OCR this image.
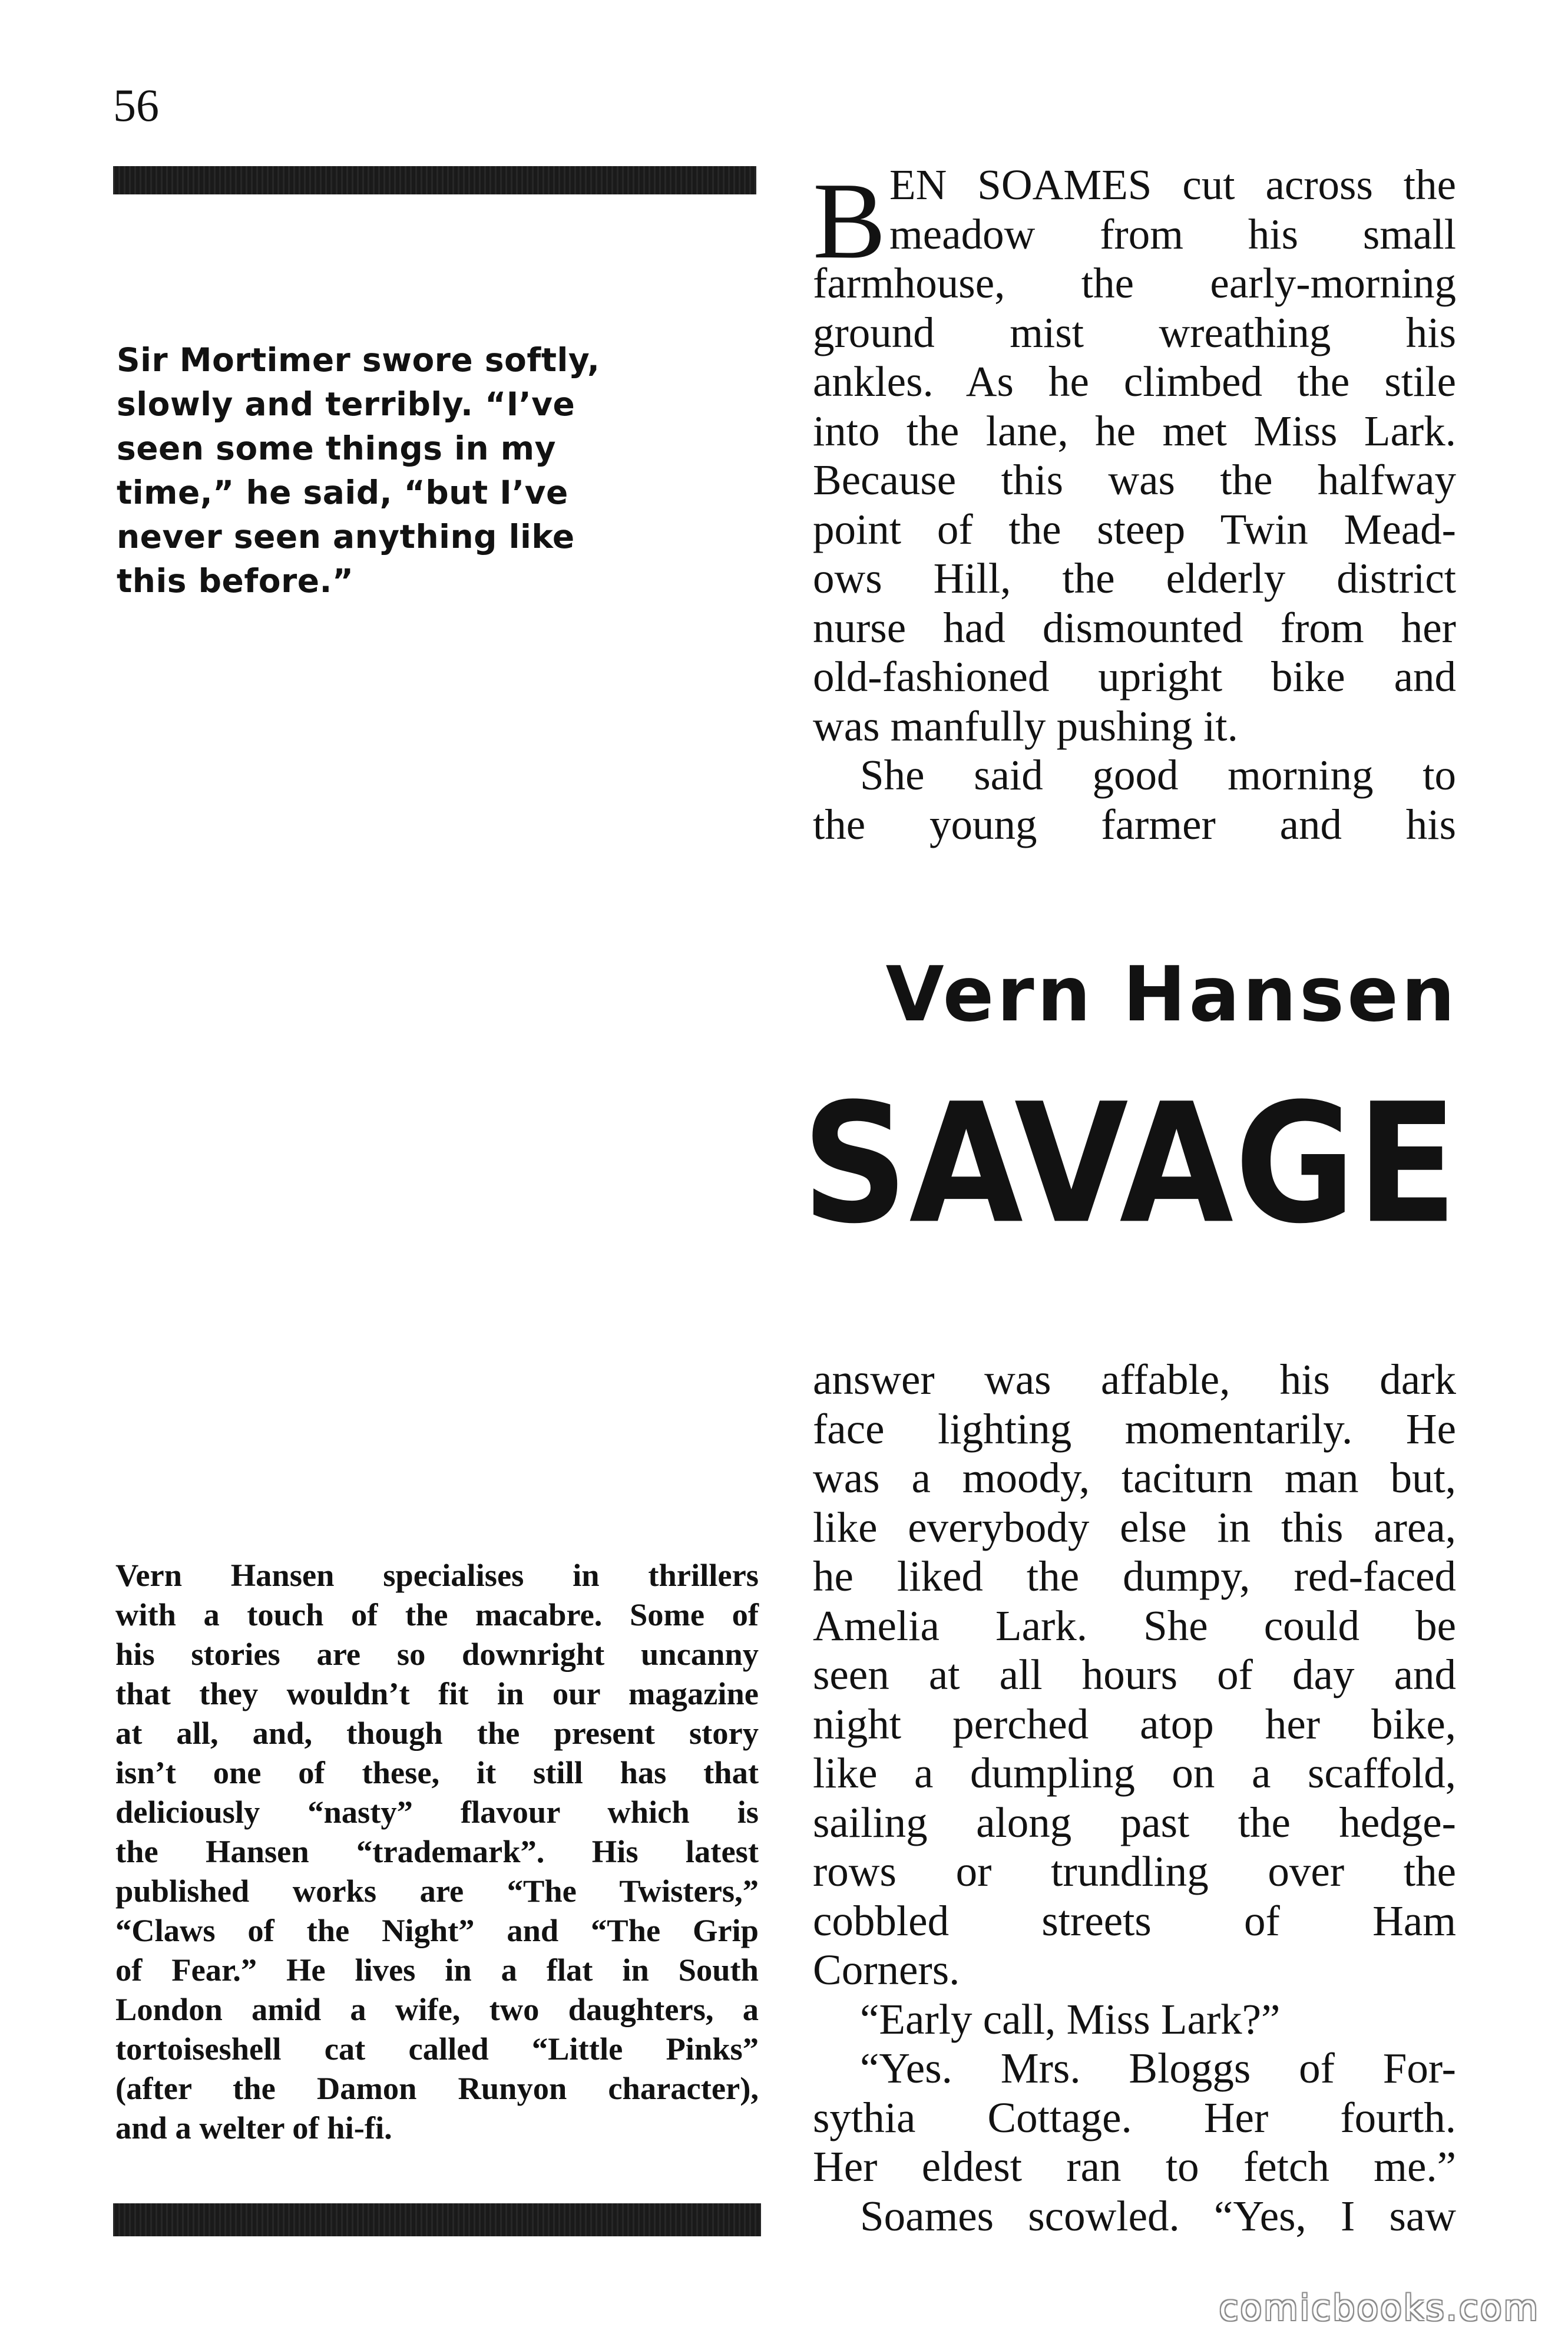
56
Sir Mortimer swore softly,
slowly and terribly. “I’ve
seen some things in my
time,” he said, “but I’ve
never seen anything like
this before.”
B EN SOAMES cut across the
meadow from his small
farmhouse, the early-morning
ground mist wreathing his
ankles. As he climbed the stile
into the lane, he met Miss Lark.
Because this was the halfway
point of the steep Twin Mead-
ows Hill, the elderly district
nurse had dismounted from her
old-fashioned upright bike and
was manfully pushing it.
She said good morning to
the young farmer and his
Vern Hansen
SAVAGE
answer was affable, his dark
face lighting momentarily. He
was a moody, taciturn man but,
like everybody else in this area,
he liked the dumpy, red-faced
Amelia Lark. She could be
seen at all hours of day and
night perched atop her bike,
like a dumpling on a scaffold,
sailing along past the hedge-
rows or trundling over the
cobbled streets of Ham
Corners.
“Early call, Miss Lark?”
“Yes. Mrs. Bloggs of For-
sythia Cottage. Her fourth.
Her eldest ran to fetch me.”
Soames scowled. “Yes, I saw
Vern Hansen specialises in thrillers
with a touch of the macabre. Some of
his stories are so downright uncanny
that they wouldn’t fit in our magazine
at all, and, though the present story
isn’t one of these, it still has that
deliciously “nasty” flavour which is
the Hansen “trademark”. His latest
published works are “The Twisters,”
“Claws of the Night” and “The Grip
of Fear.” He lives in a flat in South
London amid a wife, two daughters, a
tortoiseshell cat called “Little Pinks”
(after the Damon Runyon character),
and a welter of hi-fi.
comicbooks.com
